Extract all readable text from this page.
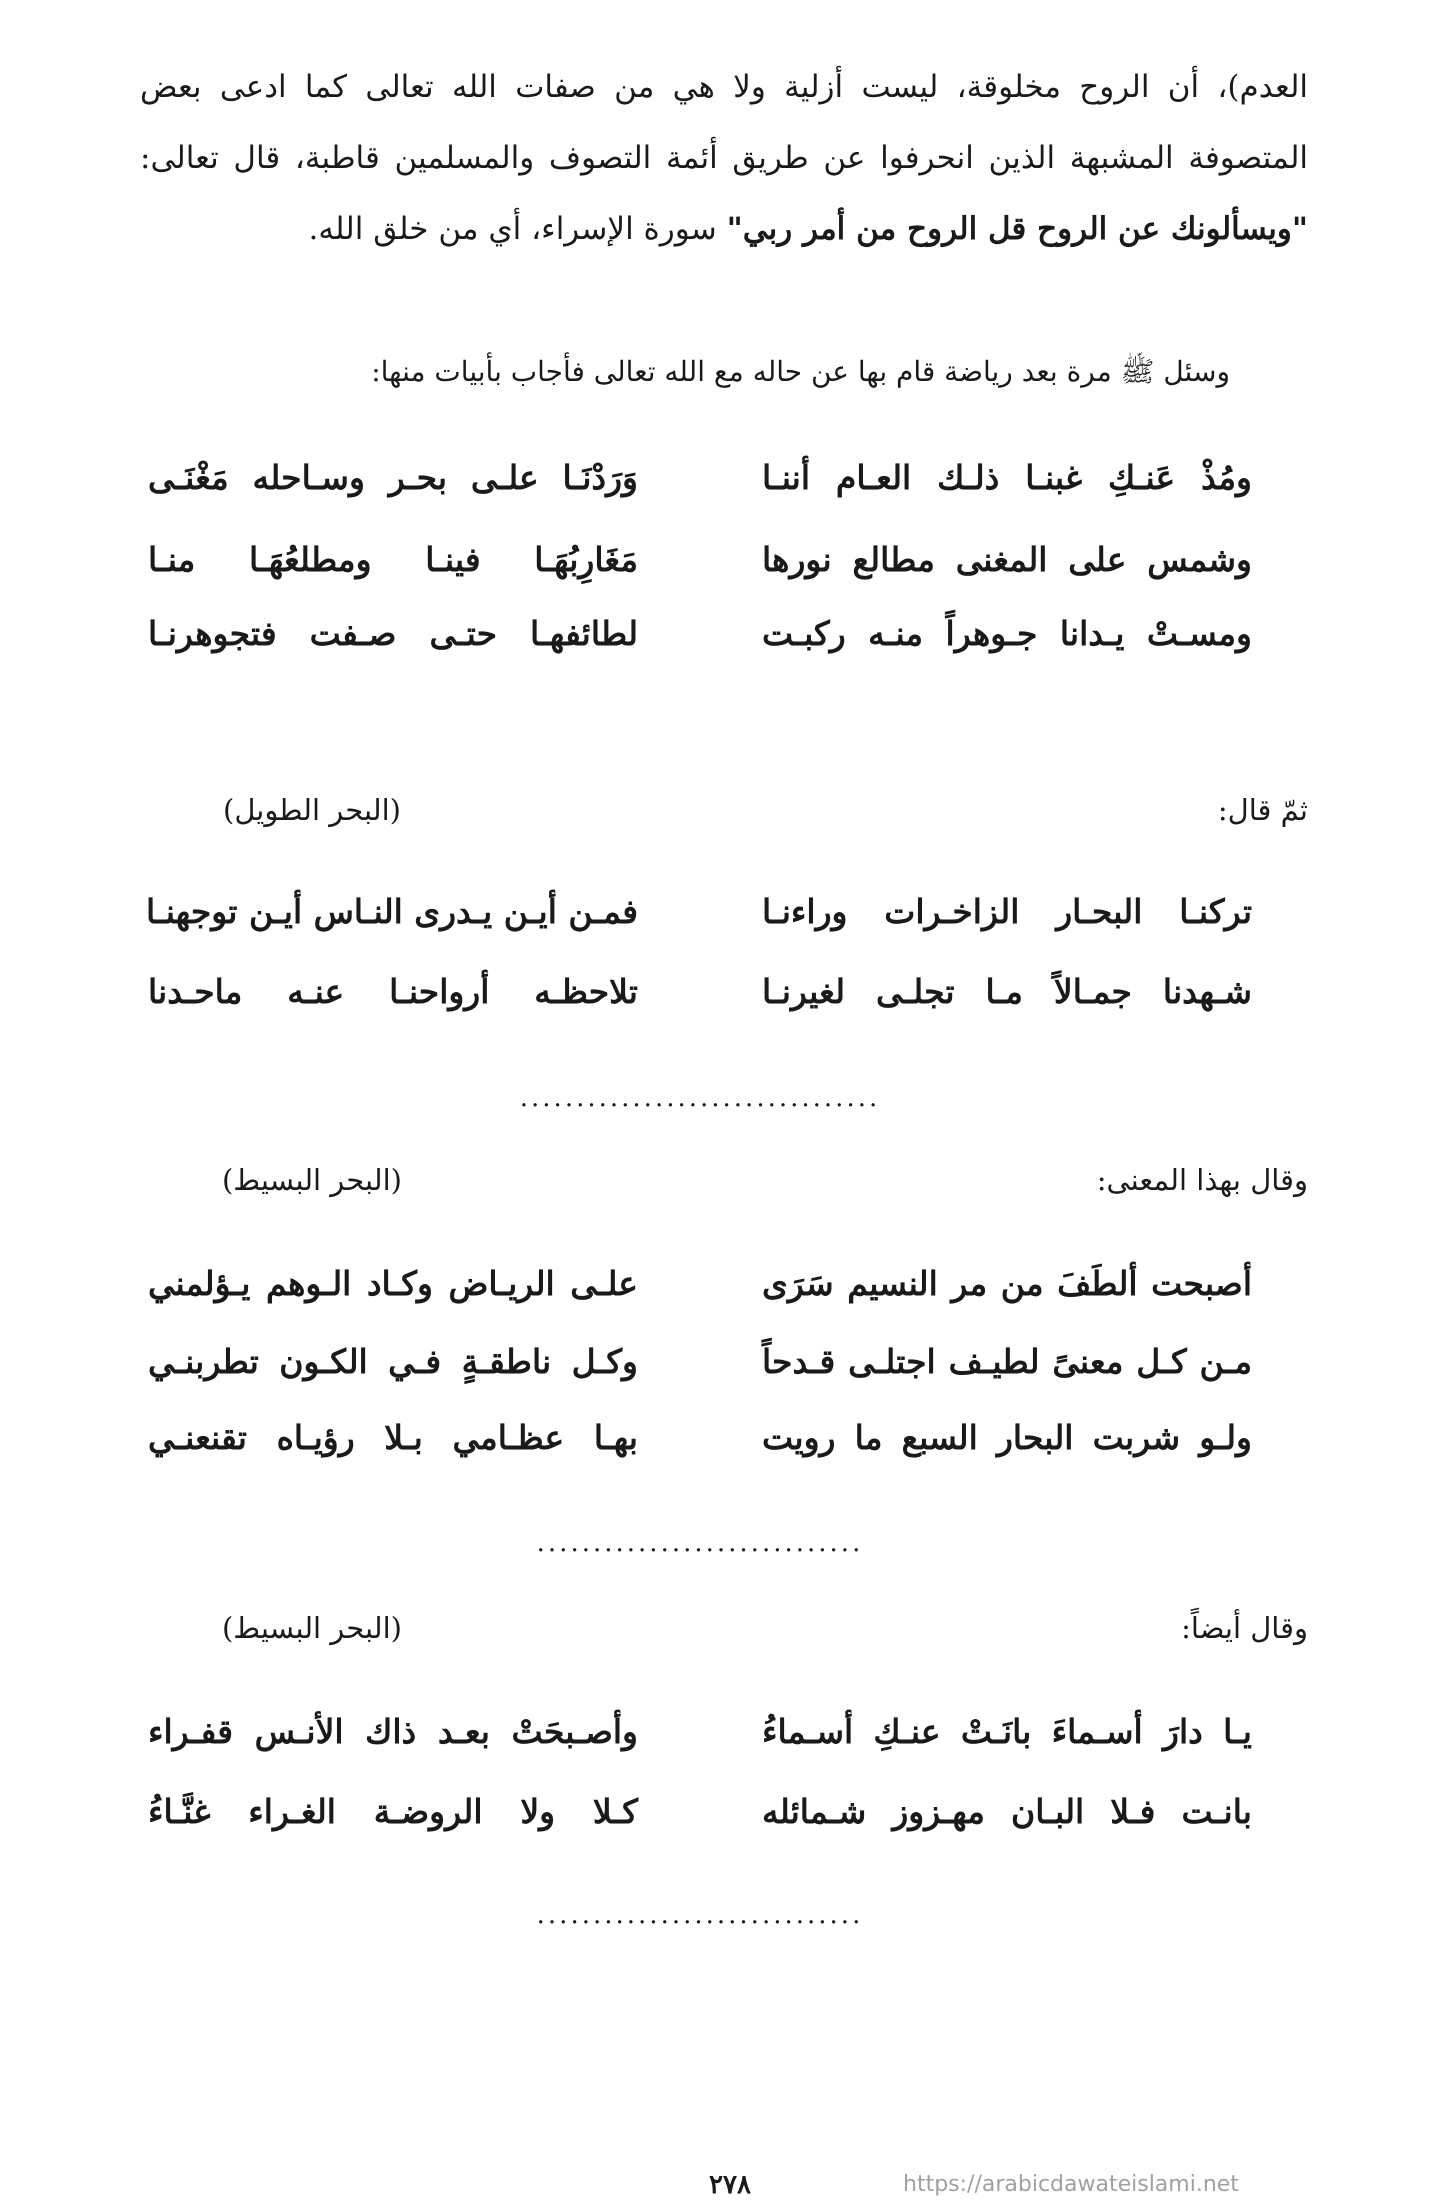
العدم)، أن الروح مخلوقة، ليست أزلية ولا هي من صفات الله تعالى كما ادعى بعض المتصوفة المشبهة الذين انحرفوا عن طريق أئمة التصوف والمسلمين قاطبة، قال تعالى: "ويسألونك عن الروح قل الروح من أمر ربي" سورة الإسراء، أي من خلق الله.

وسئل ﷺ مرة بعد رياضة قام بها عن حاله مع الله تعالى فأجاب بأبيات منها:
ومُذْ عَنـكِ غبنـا ذلـك العـام أننـا
وَرَدْنَـا علـى بحـر وسـاحله مَغْنَـى
وشمس على المغنى مطالع نورها
مَغَارِبُهَـا فينـا ومطلعُهَـا منـا
ومسـتْ يـدانا جـوهراً منـه ركبـت
لطائفهـا حتـى صـفت فتجوهرنـا
ثمّ قال:
(البحر الطويل)
تركنـا البحـار الزاخـرات وراءنـا
فمـن أيـن يـدرى النـاس أيـن توجهنـا
شـهدنا جمـالاً مـا تجلـى لغيرنـا
تلاحظـه أرواحنـا عنـه ماحـدنا
................................
وقال بهذا المعنى:
(البحر البسيط)
أصبحت ألطَفَ من مر النسيم سَرَى
علـى الريـاض وكـاد الـوهم يـؤلمني
مـن كـل معنىً لطيـف اجتلـى قـدحاً
وكـل ناطقـةٍ فـي الكـون تطربنـي
ولـو شربت البحار السبع ما رويت
بهـا عظـامي بـلا رؤيـاه تقنعنـي
.............................
وقال أيضاً:
(البحر البسيط)
يـا دارَ أسـماءَ بانَـتْ عنـكِ أسـماءُ
وأصـبحَتْ بعـد ذاك الأنـس قفـراء
بانـت فـلا البـان مهـزوز شـمائله
كـلا ولا الروضـة الغـراء غنَّـاءُ
.............................
٢٧٨	https://arabicdawateislami.net
